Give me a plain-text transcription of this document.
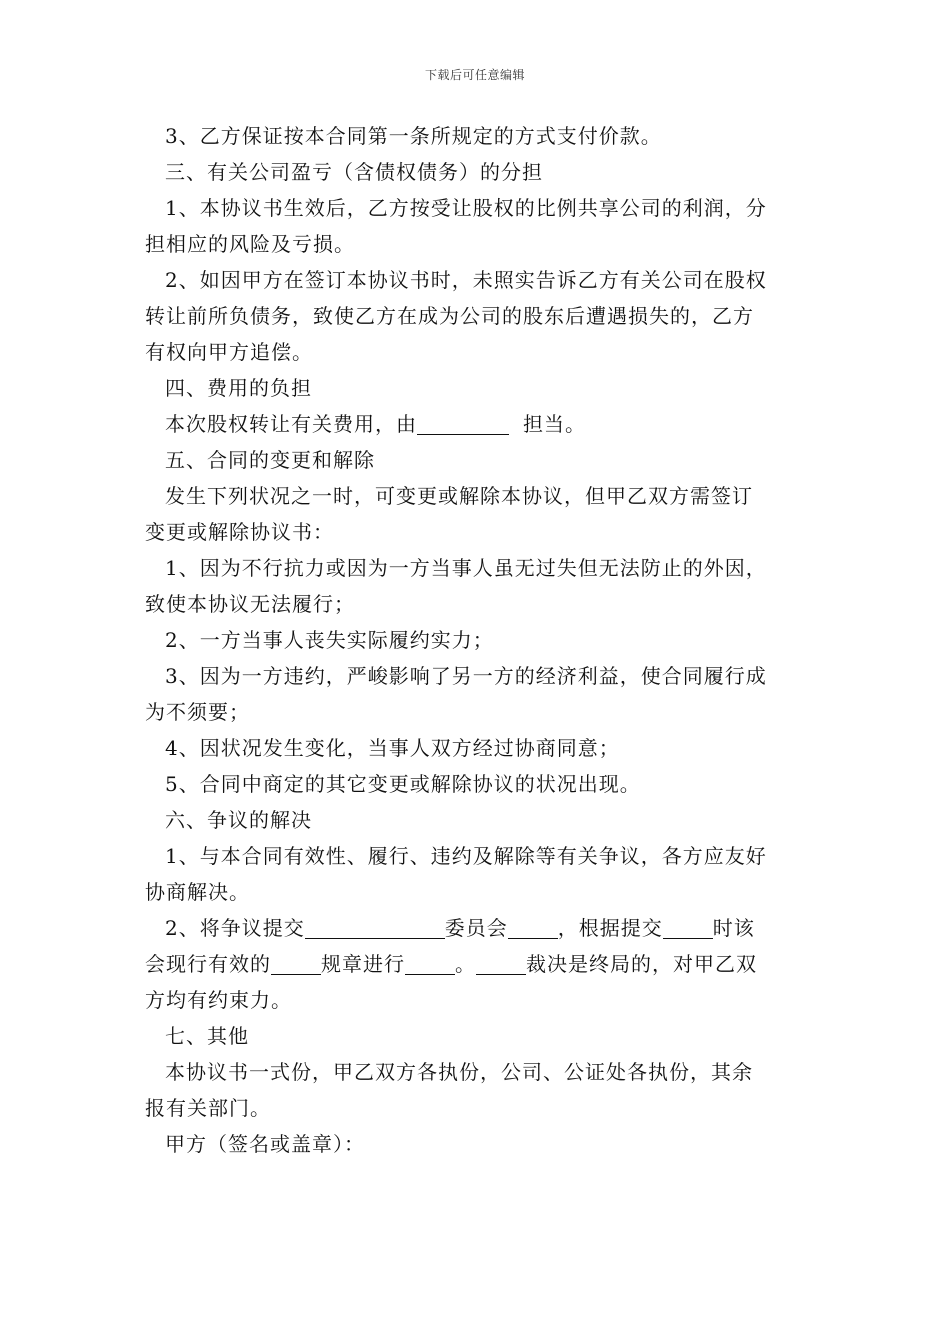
下载后可任意编辑

3、乙方保证按本合同第一条所规定的方式支付价款。

三、有关公司盈亏（含债权债务）的分担

1、本协议书生效后，乙方按受让股权的比例共享公司的利润，分

担相应的风险及亏损。

2、如因甲方在签订本协议书时，未照实告诉乙方有关公司在股权

转让前所负债务，致使乙方在成为公司的股东后遭遇损失的，乙方

有权向甲方追偿。

四、费用的负担

本次股权转让有关费用，由	担当。

五、合同的变更和解除

发生下列状况之一时，可变更或解除本协议，但甲乙双方需签订

变更或解除协议书：

1、因为不行抗力或因为一方当事人虽无过失但无法防止的外因，

致使本协议无法履行；

2、一方当事人丧失实际履约实力；

3、因为一方违约，严峻影响了另一方的经济利益，使合同履行成

为不须要；

4、因状况发生变化，当事人双方经过协商同意；

5、合同中商定的其它变更或解除协议的状况出现。

六、争议的解决

1、与本合同有效性、履行、违约及解除等有关争议，各方应友好

协商解决。

2、将争议提交	委员会	，根据提交	时该

会现行有效的	规章进行	。	裁决是终局的，对甲乙双

方均有约束力。

七、其他

本协议书一式份，甲乙双方各执份，公司、公证处各执份，其余

报有关部门。

甲方（签名或盖章）：
